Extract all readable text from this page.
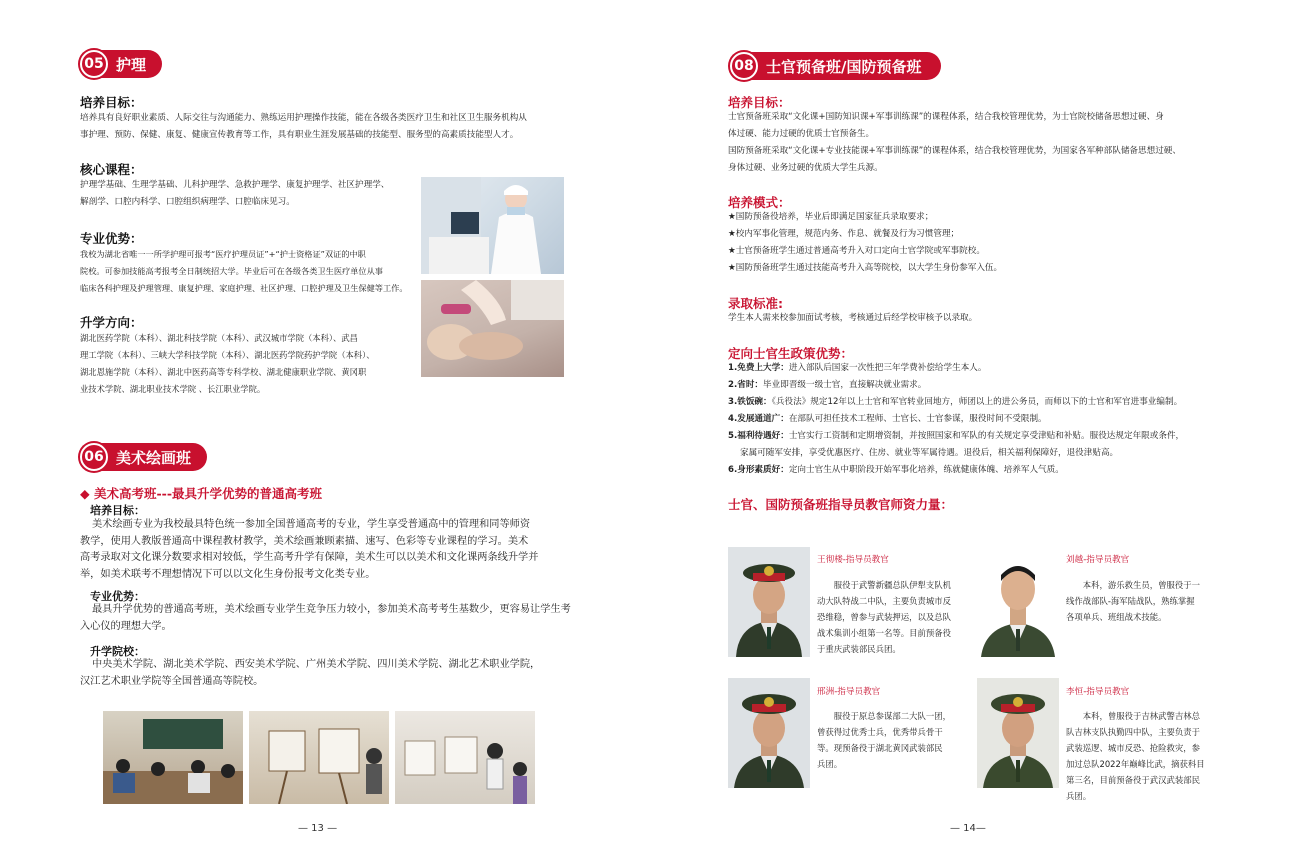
05 护理
培养目标：
培养具有良好职业素质、人际交往与沟通能力、熟练运用护理操作技能，能在各级各类医疗卫生和社区卫生服务机构从
事护理、预防、保健、康复、健康宣传教育等工作，具有职业生涯发展基础的技能型、服务型的高素质技能型人才。
核心课程：
护理学基础、生理学基础、儿科护理学、急救护理学、康复护理学、社区护理学、
解剖学、口腔内科学、口腔组织病理学、口腔临床见习。
专业优势：
我校为湖北省唯一一所学护理可报考“医疗护理员证”+“护士资格证”双证的中职
院校。可参加技能高考报考全日制统招大学。毕业后可在各级各类卫生医疗单位从事
临床各科护理及护理管理、康复护理、家庭护理、社区护理、口腔护理及卫生保健等工作。
升学方向：
湖北医药学院（本科）、湖北科技学院（本科）、武汉城市学院（本科）、武昌
理工学院（本科）、三峡大学科技学院（本科）、湖北医药学院药护学院（本科）、
湖北恩施学院（本科）、湖北中医药高等专科学校、湖北健康职业学院、黄冈职
业技术学院、湖北职业技术学院 、长江职业学院。
06 美术绘画班
◆ 美术高考班---最具升学优势的普通高考班
培养目标：
美术绘画专业为我校最具特色统一参加全国普通高考的专业，学生享受普通高中的管理和同等师资
教学，使用人教版普通高中课程教材教学，美术绘画兼顾素描、速写、色彩等专业课程的学习。美术
高考录取对文化课分数要求相对较低，学生高考升学有保障，美术生可以以美术和文化课两条线升学并
举，如美术联考不理想情况下可以以文化生身份报考文化类专业。
专业优势：
最具升学优势的普通高考班，美术绘画专业学生竞争压力较小，参加美术高考考生基数少，更容易让学生考
入心仪的理想大学。
升学院校：
中央美术学院、湖北美术学院、西安美术学院、广州美术学院、四川美术学院、湖北艺术职业学院，
汉江艺术职业学院等全国普通高等院校。
— 13 —
08 士官预备班/国防预备班
培养目标：
士官预备班采取“文化课+国防知识课+军事训练课”的课程体系，结合我校管理优势，为士官院校储备思想过硬、身
体过硬、能力过硬的优质士官预备生。
国防预备班采取“文化课+专业技能课+军事训练课”的课程体系，结合我校管理优势，为国家各军种部队储备思想过硬、
身体过硬、业务过硬的优质大学生兵源。
培养模式：
★国防预备役培养，毕业后即满足国家征兵录取要求；
★校内军事化管理，规范内务、作息、就餐及行为习惯管理；
★士官预备班学生通过普通高考升入对口定向士官学院或军事院校。
★国防预备班学生通过技能高考升入高等院校，以大学生身份参军入伍。
录取标准:
学生本人需来校参加面试考核，考核通过后经学校审核予以录取。
定向士官生政策优势：
1.免费上大学：进入部队后国家一次性把三年学费补偿给学生本人。
2.省时：毕业即晋级一级士官，直接解决就业需求。
3.铁饭碗：《兵役法》规定12年以上士官和军官转业回地方，师团以上的进公务员，而师以下的士官和军官进事业编制。
4.发展通道广：在部队可担任技术工程师、士官长、士官参谋，服役时间不受限制。
5.福利待遇好：士官实行工资制和定期增资制，并按照国家和军队的有关规定享受津贴和补贴。服役达规定年限或条件，
家属可随军安排，享受优惠医疗、住房、就业等军属待遇。退役后，相关福利保障好，退役津贴高。
6.身形素质好：定向士官生从中职阶段开始军事化培养，练就健康体魄、培养军人气质。
士官、国防预备班指导员教官师资力量：
王彻楼-指导员教官
服役于武警新疆总队伊犁支队机
动大队特战二中队，主要负责城市反
恐维稳，曾参与武装押运，以及总队
战术集训小组第一名等。目前预备役
于重庆武装部民兵团。
刘越-指导员教官
本科，游乐救生员，曾服役于一
线作战部队-海军陆战队，熟练掌握
各项单兵、班组战术技能。
邢洲-指导员教官
服役于原总参谋部二大队一团，
曾获得过优秀士兵，优秀带兵骨干
等。现预备役于湖北黄冈武装部民
兵团。
李恒-指导员教官
本科，曾服役于吉林武警吉林总
队吉林支队执勤四中队，主要负责于
武装巡逻、城市反恐、抢险救灾，参
加过总队2022年巅峰比武，摘获科目
第三名，目前预备役于武汉武装部民
兵团。
— 14—
